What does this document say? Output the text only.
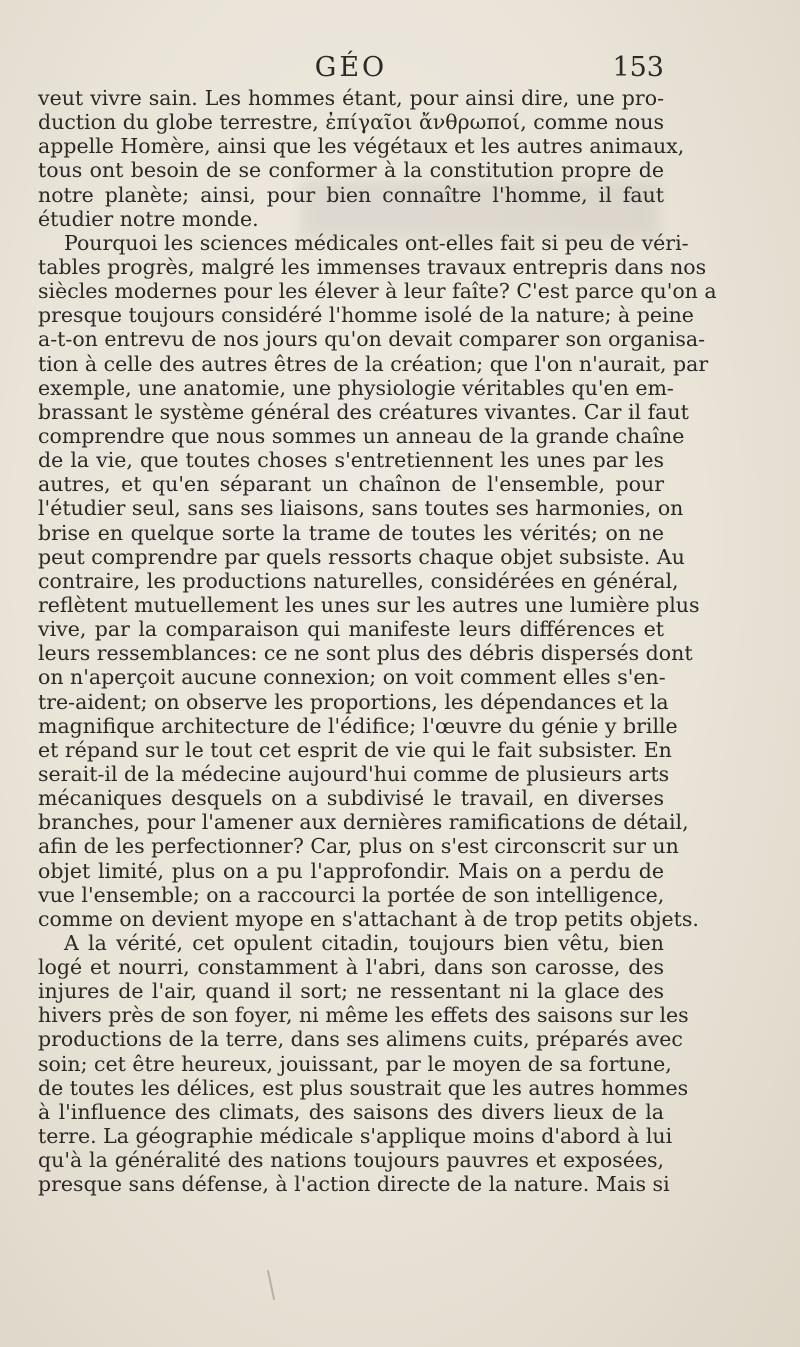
GÉO	153
veut vivre sain. Les hommes étant, pour ainsi dire, une pro-
duction du globe terrestre, ἐπίγαῖοι ἄνθρωποί, comme nous
appelle Homère, ainsi que les végétaux et les autres animaux,
tous ont besoin de se conformer à la constitution propre de
notre planète; ainsi, pour bien connaître l'homme, il faut
étudier notre monde.
Pourquoi les sciences médicales ont-elles fait si peu de véri-
tables progrès, malgré les immenses travaux entrepris dans nos
siècles modernes pour les élever à leur faîte? C'est parce qu'on a
presque toujours considéré l'homme isolé de la nature; à peine
a-t-on entrevu de nos jours qu'on devait comparer son organisa-
tion à celle des autres êtres de la création; que l'on n'aurait, par
exemple, une anatomie, une physiologie véritables qu'en em-
brassant le système général des créatures vivantes. Car il faut
comprendre que nous sommes un anneau de la grande chaîne
de la vie, que toutes choses s'entretiennent les unes par les
autres, et qu'en séparant un chaînon de l'ensemble, pour
l'étudier seul, sans ses liaisons, sans toutes ses harmonies, on
brise en quelque sorte la trame de toutes les vérités; on ne
peut comprendre par quels ressorts chaque objet subsiste. Au
contraire, les productions naturelles, considérées en général,
reflètent mutuellement les unes sur les autres une lumière plus
vive, par la comparaison qui manifeste leurs différences et
leurs ressemblances: ce ne sont plus des débris dispersés dont
on n'aperçoit aucune connexion; on voit comment elles s'en-
tre-aident; on observe les proportions, les dépendances et la
magnifique architecture de l'édifice; l'œuvre du génie y brille
et répand sur le tout cet esprit de vie qui le fait subsister. En
serait-il de la médecine aujourd'hui comme de plusieurs arts
mécaniques desquels on a subdivisé le travail, en diverses
branches, pour l'amener aux dernières ramifications de détail,
afin de les perfectionner? Car, plus on s'est circonscrit sur un
objet limité, plus on a pu l'approfondir. Mais on a perdu de
vue l'ensemble; on a raccourci la portée de son intelligence,
comme on devient myope en s'attachant à de trop petits objets.
A la vérité, cet opulent citadin, toujours bien vêtu, bien
logé et nourri, constamment à l'abri, dans son carosse, des
injures de l'air, quand il sort; ne ressentant ni la glace des
hivers près de son foyer, ni même les effets des saisons sur les
productions de la terre, dans ses alimens cuits, préparés avec
soin; cet être heureux, jouissant, par le moyen de sa fortune,
de toutes les délices, est plus soustrait que les autres hommes
à l'influence des climats, des saisons des divers lieux de la
terre. La géographie médicale s'applique moins d'abord à lui
qu'à la généralité des nations toujours pauvres et exposées,
presque sans défense, à l'action directe de la nature. Mais si
